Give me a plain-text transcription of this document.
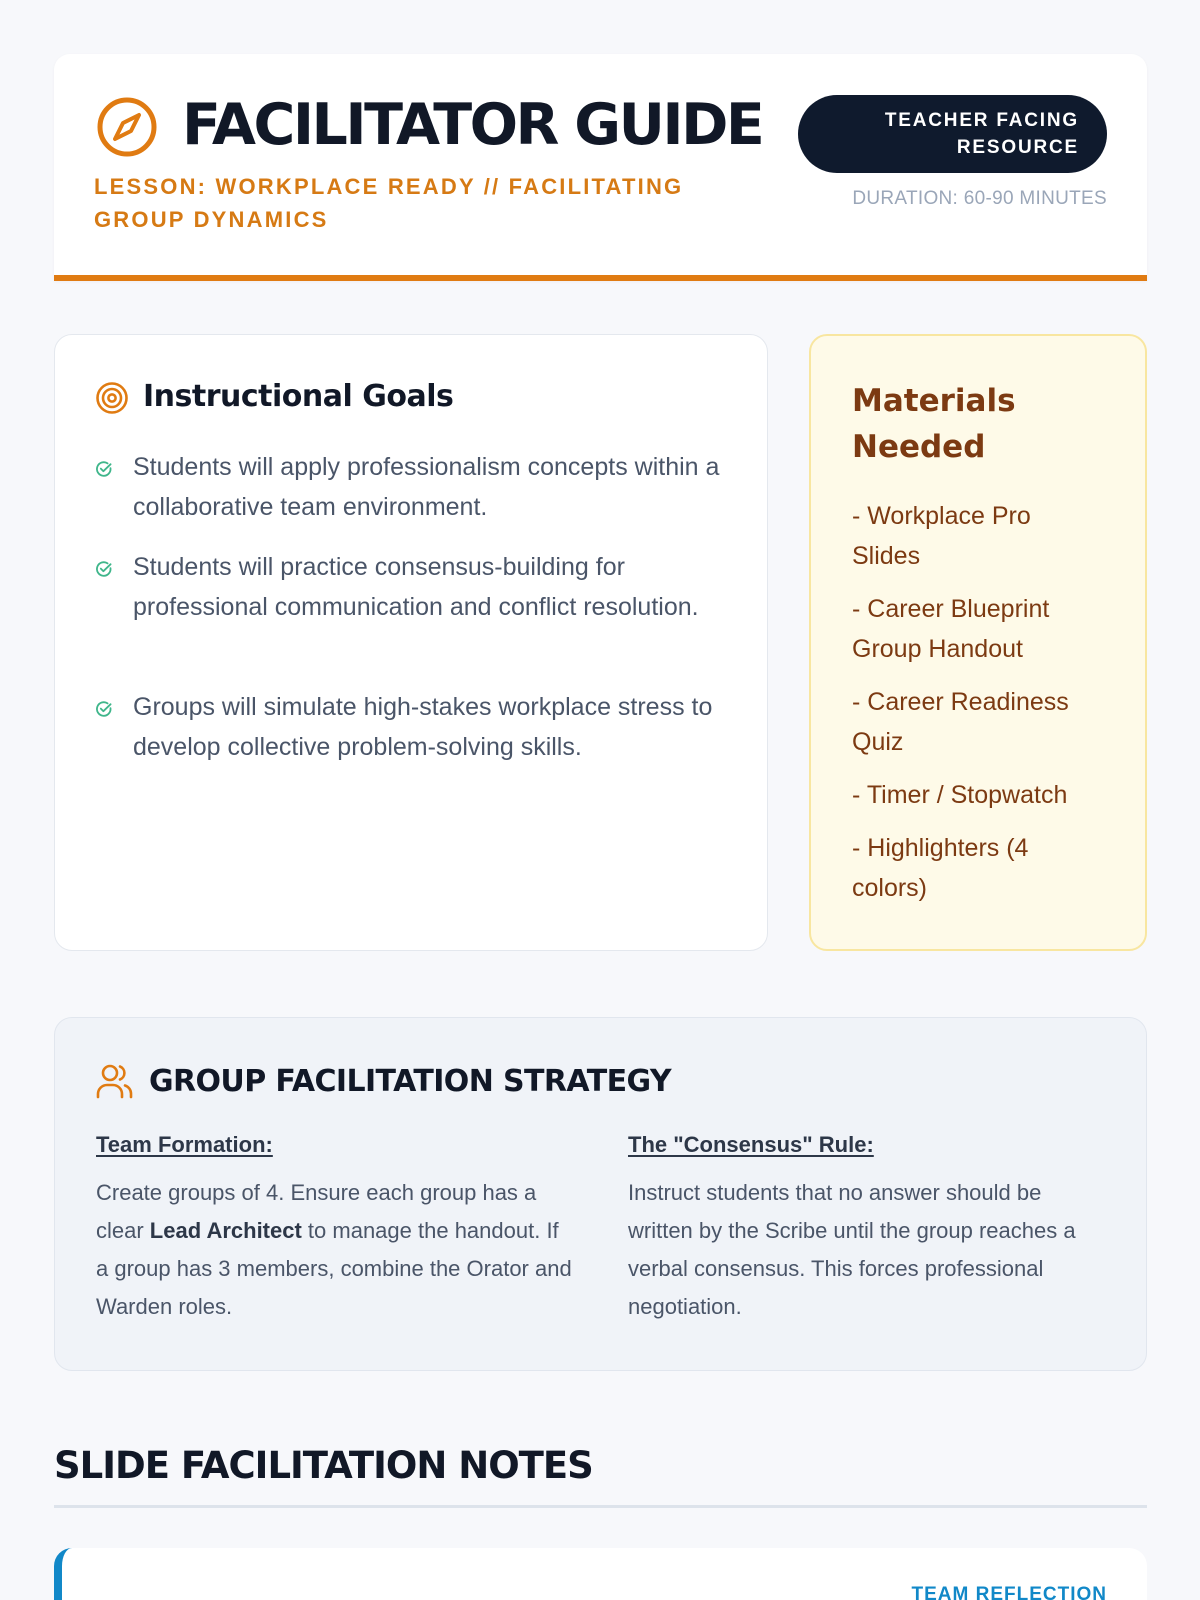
FACILITATOR GUIDE
LESSON: WORKPLACE READY // FACILITATING GROUP DYNAMICS
TEACHER FACING
RESOURCE
DURATION: 60-90 MINUTES
Instructional Goals
Students will apply professionalism concepts within a collaborative team environment.
Students will practice consensus-building for professional communication and conflict resolution.
Groups will simulate high-stakes workplace stress to develop collective problem-solving skills.
Materials Needed
- Workplace Pro Slides
- Career Blueprint Group Handout
- Career Readiness Quiz
- Timer / Stopwatch
- Highlighters (4 colors)
GROUP FACILITATION STRATEGY
Team Formation:
Create groups of 4. Ensure each group has a clear Lead Architect to manage the handout. If a group has 3 members, combine the Orator and Warden roles.
The "Consensus" Rule:
Instruct students that no answer should be written by the Scribe until the group reaches a verbal consensus. This forces professional negotiation.
SLIDE FACILITATION NOTES
TEAM REFLECTION
